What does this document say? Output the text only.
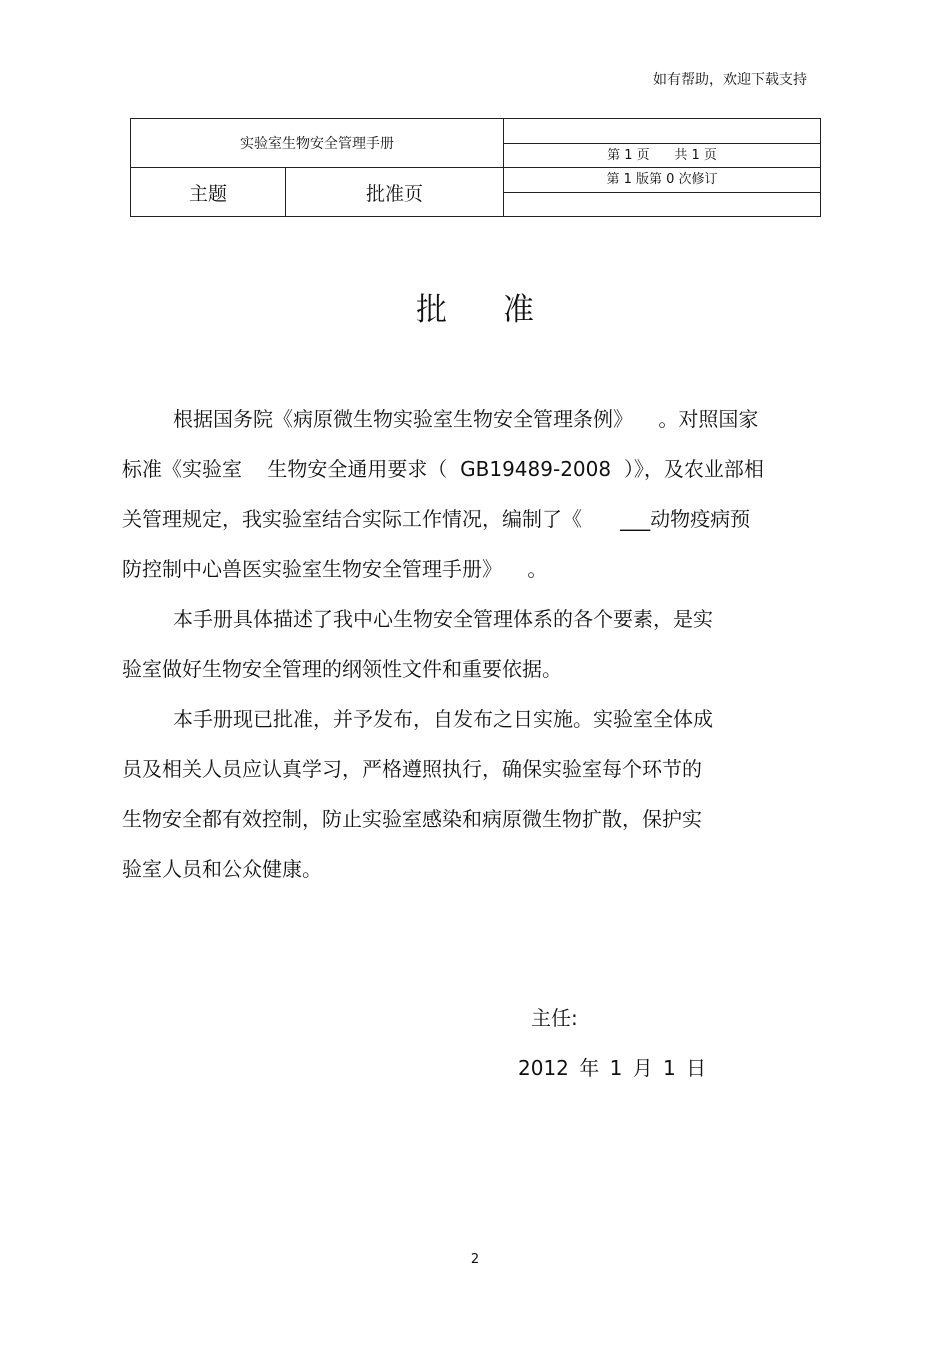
如有帮助，欢迎下载支持
实验室生物安全管理手册		
		第 1 页      共 1 页
主题	批准页	第 1 版第 0 次修订

批准
根据国务院《病原微生物实验室生物安全管理条例》    。对照国家
标准《实验室    生物安全通用要求（  GB19489-2008  ）》，及农业部相
关管理规定，我实验室结合实际工作情况，编制了《      ___动物疫病预
防控制中心兽医实验室生物安全管理手册》    。
本手册具体描述了我中心生物安全管理体系的各个要素，是实
验室做好生物安全管理的纲领性文件和重要依据。
本手册现已批准，并予发布，自发布之日实施。实验室全体成
员及相关人员应认真学习，严格遵照执行，确保实验室每个环节的
生物安全都有效控制，防止实验室感染和病原微生物扩散，保护实
验室人员和公众健康。
主任:
2012 年 1 月 1 日
2
